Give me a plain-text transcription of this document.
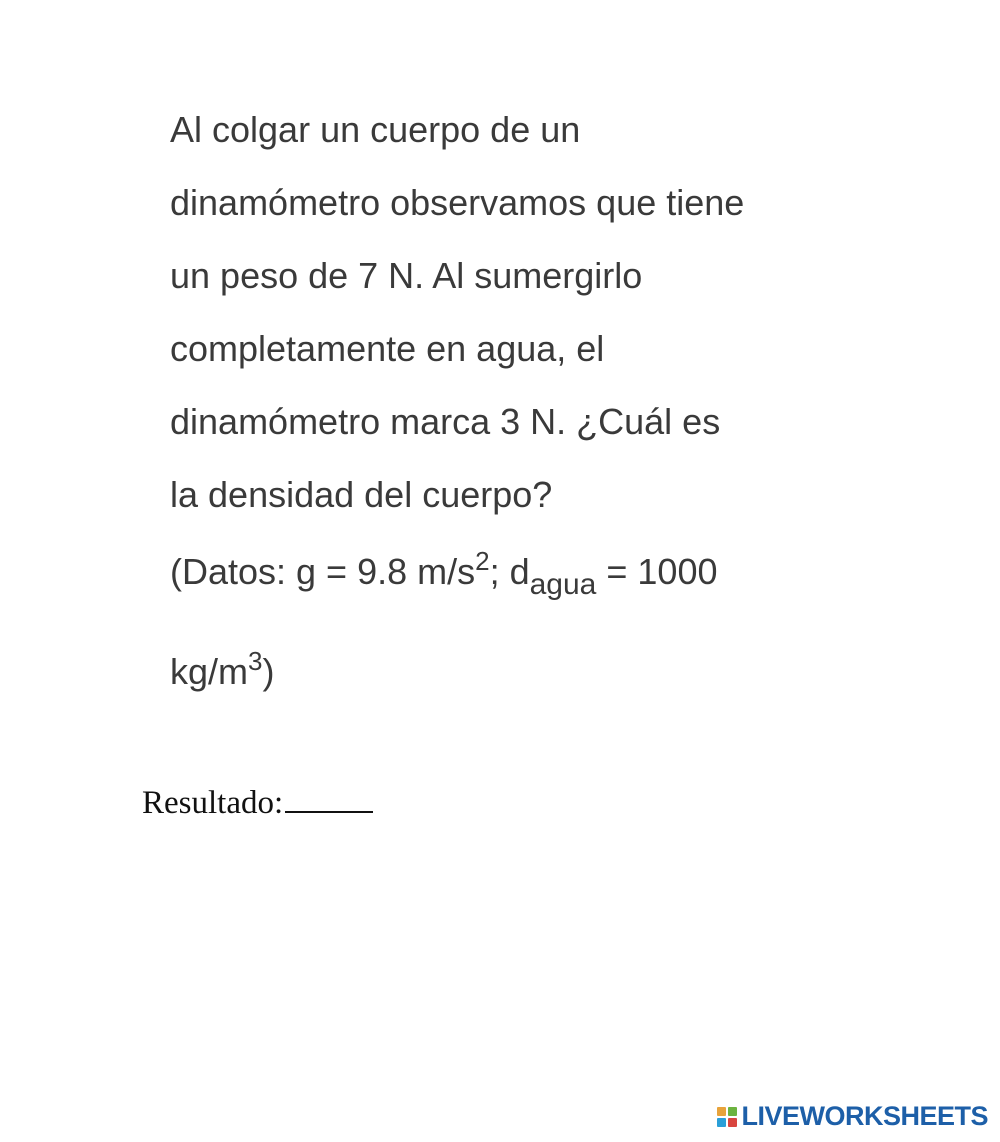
Al colgar un cuerpo de un
dinamómetro observamos que tiene
un peso de 7 N. Al sumergirlo
completamente en agua, el
dinamómetro marca 3 N. ¿Cuál es
la densidad del cuerpo?
(Datos: g = 9.8 $m/s^2$; $d_{agua} = 1000$
$kg/m^3$)
Resultado:
LIVE WORKSHEETS
